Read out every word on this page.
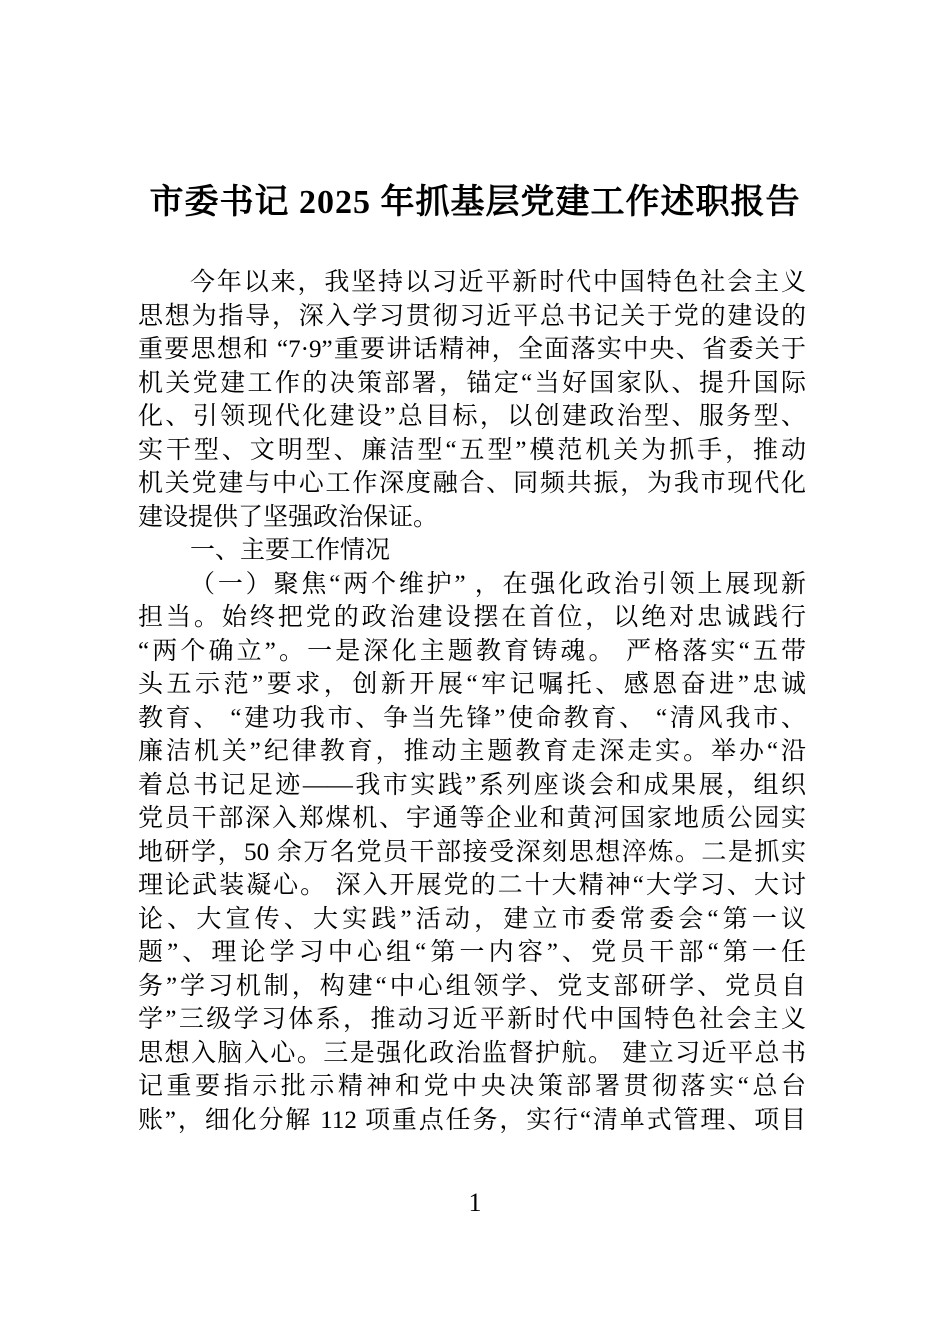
市委书记 2025 年抓基层党建工作述职报告
今年以来，我坚持以习近平新时代中国特色社会主义
思想为指导，深入学习贯彻习近平总书记关于党的建设的
重要思想和 “7·9”重要讲话精神，全面落实中央、省委关于
机关党建工作的决策部署，锚定“当好国家队、提升国际
化、引领现代化建设”总目标，以创建政治型、服务型、
实干型、文明型、廉洁型“五型”模范机关为抓手，推动
机关党建与中心工作深度融合、同频共振，为我市现代化
建设提供了坚强政治保证。
一、主要工作情况
（一）聚焦“两个维护” ，在强化政治引领上展现新
担当。始终把党的政治建设摆在首位，以绝对忠诚践行
“两个确立”。一是深化主题教育铸魂。 严格落实“五带
头五示范”要求，创新开展“牢记嘱托、感恩奋进”忠诚
教育、 “建功我市、争当先锋”使命教育、 “清风我市、
廉洁机关”纪律教育，推动主题教育走深走实。举办“沿
着总书记足迹——我市实践”系列座谈会和成果展，组织
党员干部深入郑煤机、宇通等企业和黄河国家地质公园实
地研学，50 余万名党员干部接受深刻思想淬炼。二是抓实
理论武装凝心。 深入开展党的二十大精神“大学习、大讨
论、大宣传、大实践”活动，建立市委常委会“第一议
题”、理论学习中心组“第一内容”、党员干部“第一任
务”学习机制，构建“中心组领学、党支部研学、党员自
学”三级学习体系，推动习近平新时代中国特色社会主义
思想入脑入心。三是强化政治监督护航。 建立习近平总书
记重要指示批示精神和党中央决策部署贯彻落实“总台
账”，细化分解 112 项重点任务，实行“清单式管理、项目
1
